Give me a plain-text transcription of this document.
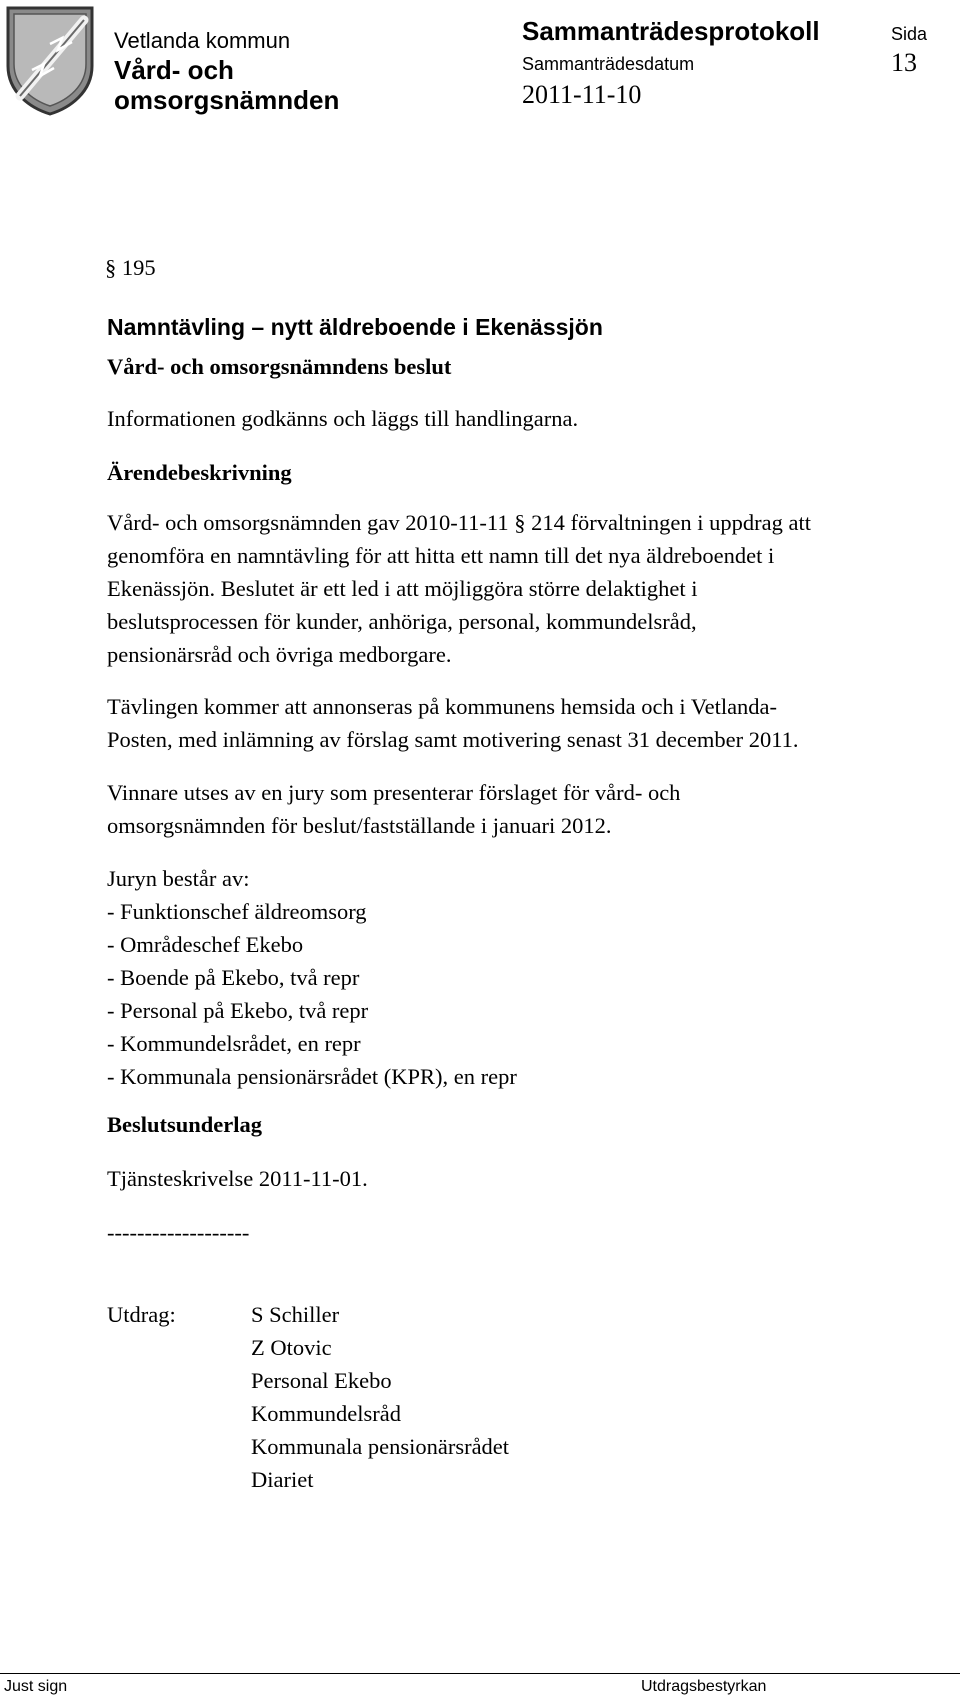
Vetlanda kommun
Vård- och
omsorgsnämnden
Sammanträdesprotokoll
Sammanträdesdatum
2011-11-10
Sida
13
§ 195
Namntävling – nytt äldreboende i Ekenässjön
Vård- och omsorgsnämndens beslut
Informationen godkänns och läggs till handlingarna.
Ärendebeskrivning
Vård- och omsorgsnämnden gav 2010-11-11 § 214 förvaltningen i uppdrag att
genomföra en namntävling för att hitta ett namn till det nya äldreboendet i
Ekenässjön. Beslutet är ett led i att möjliggöra större delaktighet i
beslutsprocessen för kunder, anhöriga, personal, kommundelsråd,
pensionärsråd och övriga medborgare.
Tävlingen kommer att annonseras på kommunens hemsida och i Vetlanda-
Posten, med inlämning av förslag samt motivering senast 31 december 2011.
Vinnare utses av en jury som presenterar förslaget för vård- och
omsorgsnämnden för beslut/fastställande i januari 2012.
Juryn består av:
- Funktionschef äldreomsorg
- Områdeschef Ekebo
- Boende på Ekebo, två repr
- Personal på Ekebo, två repr
- Kommundelsrådet, en repr
- Kommunala pensionärsrådet (KPR), en repr
Beslutsunderlag
Tjänsteskrivelse 2011-11-01.
-------------------
Utdrag:	S Schiller
Z Otovic
Personal Ekebo
Kommundelsråd
Kommunala pensionärsrådet
Diariet
Just sign	Utdragsbestyrkan
